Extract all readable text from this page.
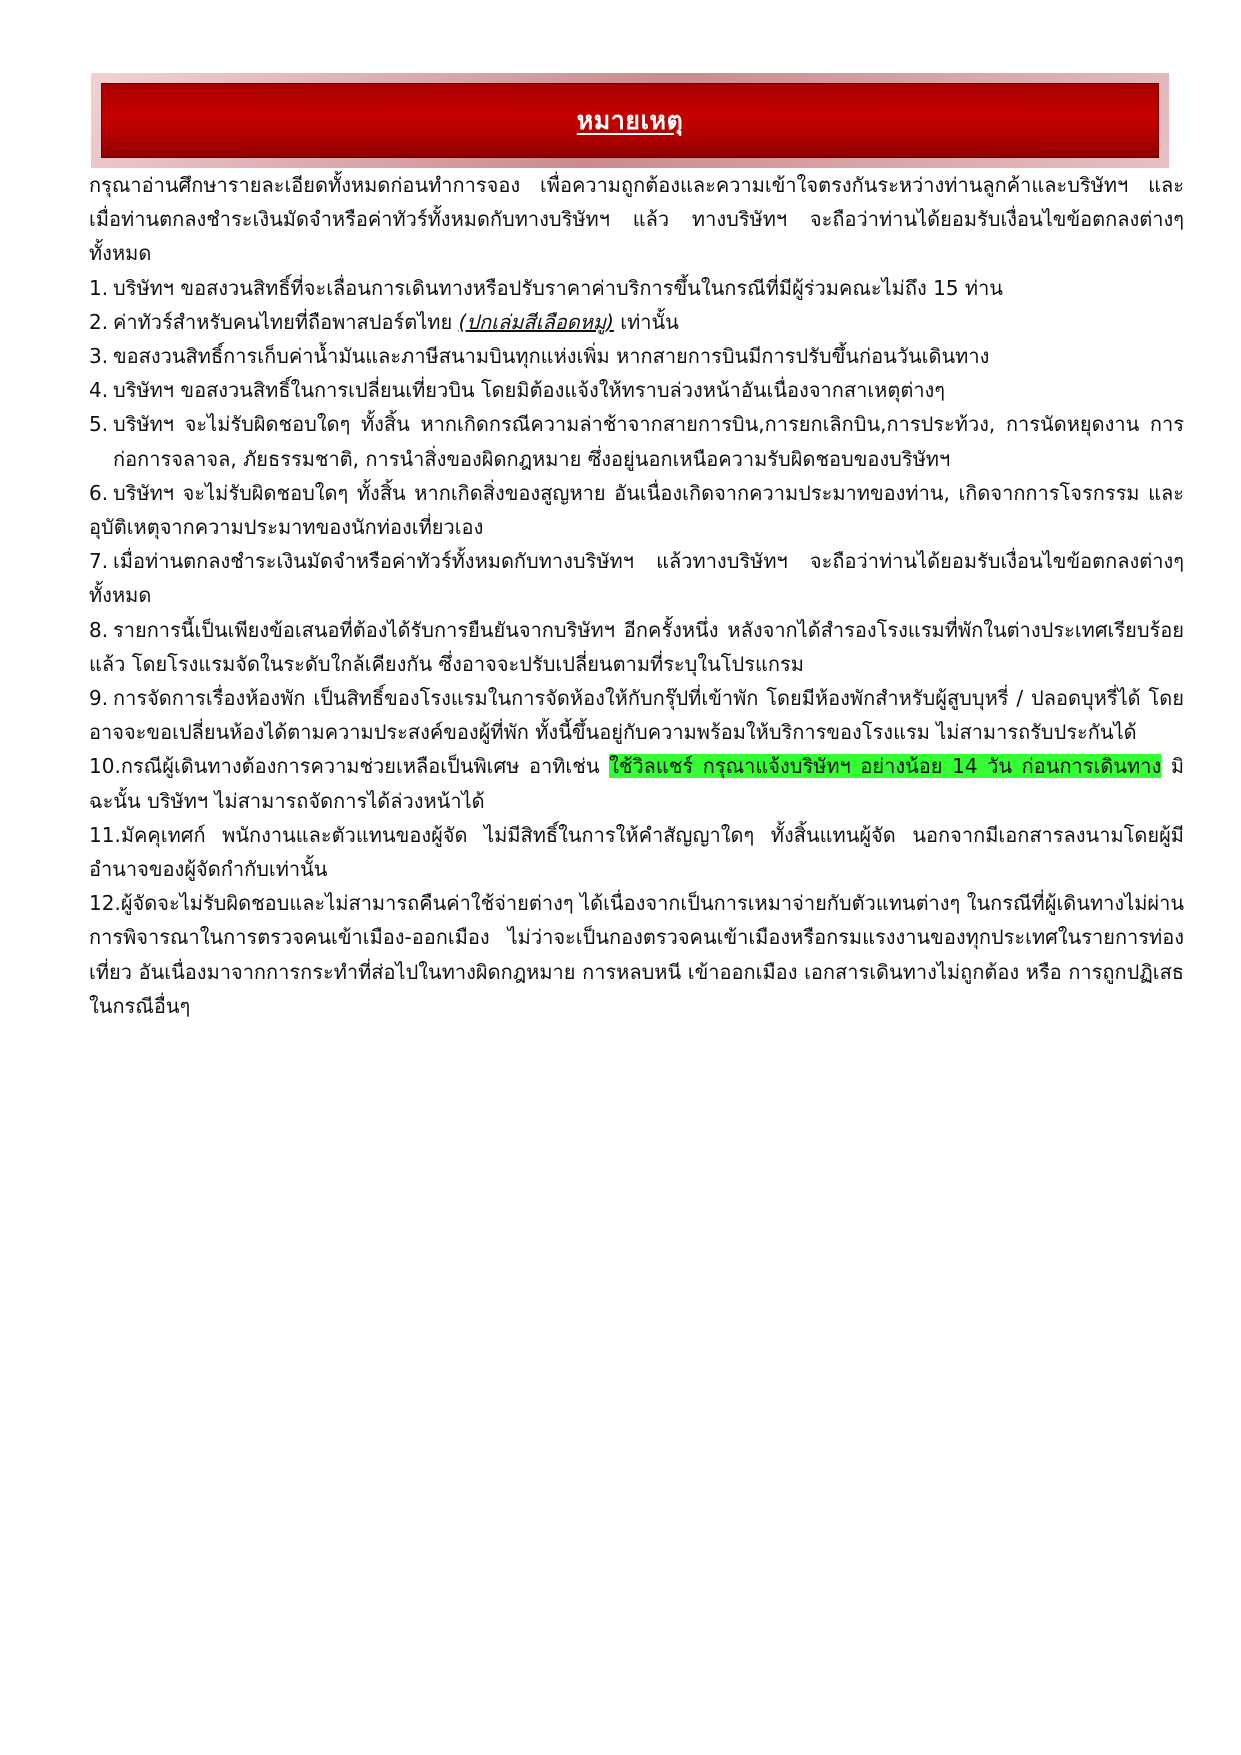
หมายเหตุ

กรุณาอ่านศึกษารายละเอียดทั้งหมดก่อนทำการจอง เพื่อความถูกต้องและความเข้าใจตรงกันระหว่างท่านลูกค้าและบริษัทฯ และเมื่อท่านตกลงชำระเงินมัดจำหรือค่าทัวร์ทั้งหมดกับทางบริษัทฯ แล้ว ทางบริษัทฯ จะถือว่าท่านได้ยอมรับเงื่อนไขข้อตกลงต่างๆ ทั้งหมด

1. บริษัทฯ ขอสงวนสิทธิ์ที่จะเลื่อนการเดินทางหรือปรับราคาค่าบริการขึ้นในกรณีที่มีผู้ร่วมคณะไม่ถึง 15 ท่าน

2. ค่าทัวร์สำหรับคนไทยที่ถือพาสปอร์ตไทย (ปกเล่มสีเลือดหมู) เท่านั้น

3. ขอสงวนสิทธิ์การเก็บค่าน้ำมันและภาษีสนามบินทุกแห่งเพิ่ม หากสายการบินมีการปรับขึ้นก่อนวันเดินทาง

4. บริษัทฯ ขอสงวนสิทธิ์ในการเปลี่ยนเที่ยวบิน โดยมิต้องแจ้งให้ทราบล่วงหน้าอันเนื่องจากสาเหตุต่างๆ

5. บริษัทฯ จะไม่รับผิดชอบใดๆ ทั้งสิ้น หากเกิดกรณีความล่าช้าจากสายการบิน,การยกเลิกบิน,การประท้วง, การนัดหยุดงาน การก่อการจลาจล, ภัยธรรมชาติ, การนำสิ่งของผิดกฎหมาย ซึ่งอยู่นอกเหนือความรับผิดชอบของบริษัทฯ

6. บริษัทฯ จะไม่รับผิดชอบใดๆ ทั้งสิ้น หากเกิดสิ่งของสูญหาย อันเนื่องเกิดจากความประมาทของท่าน, เกิดจากการโจรกรรม และ อุบัติเหตุจากความประมาทของนักท่องเที่ยวเอง

7. เมื่อท่านตกลงชำระเงินมัดจำหรือค่าทัวร์ทั้งหมดกับทางบริษัทฯ แล้วทางบริษัทฯ จะถือว่าท่านได้ยอมรับเงื่อนไขข้อตกลงต่างๆ ทั้งหมด

8. รายการนี้เป็นเพียงข้อเสนอที่ต้องได้รับการยืนยันจากบริษัทฯ อีกครั้งหนึ่ง หลังจากได้สำรองโรงแรมที่พักในต่างประเทศเรียบร้อยแล้ว โดยโรงแรมจัดในระดับใกล้เคียงกัน ซึ่งอาจจะปรับเปลี่ยนตามที่ระบุในโปรแกรม

9. การจัดการเรื่องห้องพัก เป็นสิทธิ์ของโรงแรมในการจัดห้องให้กับกรุ๊ปที่เข้าพัก โดยมีห้องพักสำหรับผู้สูบบุหรี่ / ปลอดบุหรี่ได้ โดยอาจจะขอเปลี่ยนห้องได้ตามความประสงค์ของผู้ที่พัก ทั้งนี้ขึ้นอยู่กับความพร้อมให้บริการของโรงแรม ไม่สามารถรับประกันได้

10.กรณีผู้เดินทางต้องการความช่วยเหลือเป็นพิเศษ อาทิเช่น ใช้วิลแชร์ กรุณาแจ้งบริษัทฯ อย่างน้อย 14 วัน ก่อนการเดินทาง มิฉะนั้น บริษัทฯ ไม่สามารถจัดการได้ล่วงหน้าได้

11.มัคคุเทศก์ พนักงานและตัวแทนของผู้จัด ไม่มีสิทธิ์ในการให้คำสัญญาใดๆ ทั้งสิ้นแทนผู้จัด นอกจากมีเอกสารลงนามโดยผู้มีอำนาจของผู้จัดกำกับเท่านั้น

12.ผู้จัดจะไม่รับผิดชอบและไม่สามารถคืนค่าใช้จ่ายต่างๆ ได้เนื่องจากเป็นการเหมาจ่ายกับตัวแทนต่างๆ ในกรณีที่ผู้เดินทางไม่ผ่านการพิจารณาในการตรวจคนเข้าเมือง-ออกเมือง ไม่ว่าจะเป็นกองตรวจคนเข้าเมืองหรือกรมแรงงานของทุกประเทศในรายการท่องเที่ยว อันเนื่องมาจากการกระทำที่ส่อไปในทางผิดกฎหมาย การหลบหนี เข้าออกเมือง เอกสารเดินทางไม่ถูกต้อง หรือ การถูกปฏิเสธในกรณีอื่นๆ
